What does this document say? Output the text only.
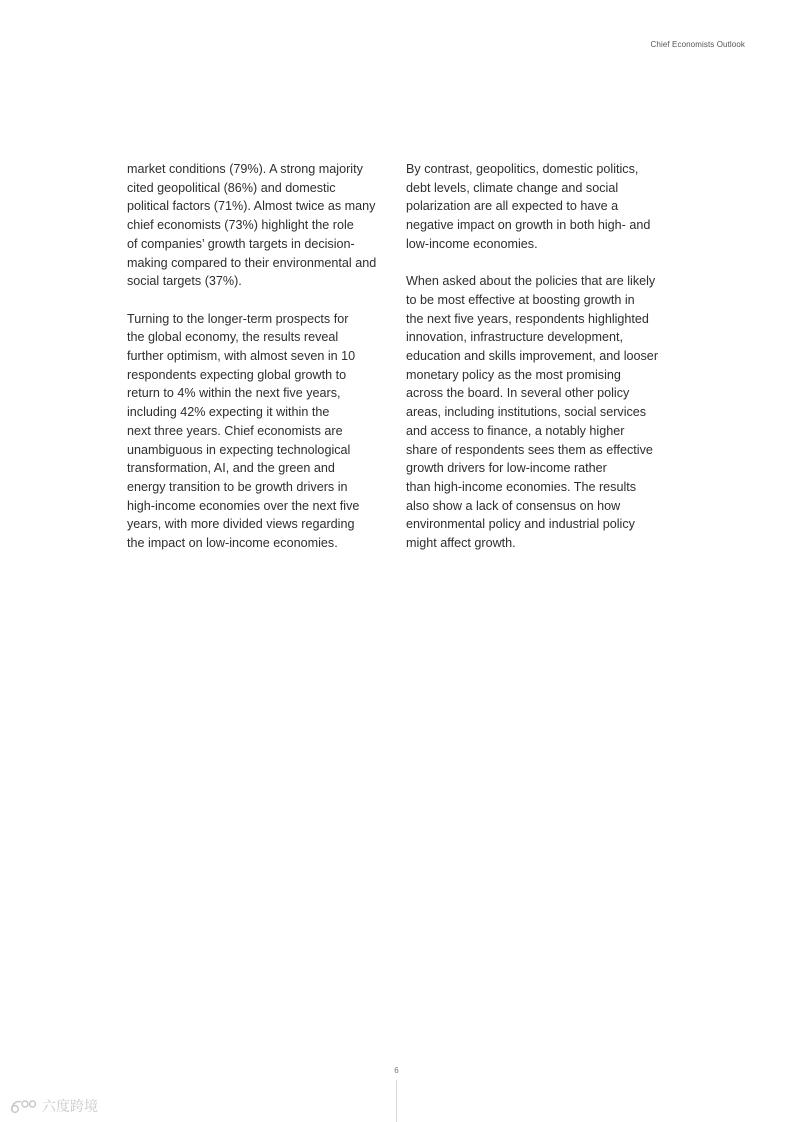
Chief Economists Outlook

market conditions (79%). A strong majority

cited geopolitical (86%) and domestic

political factors (71%). Almost twice as many

chief economists (73%) highlight the role

of companies’ growth targets in decision-

making compared to their environmental and

social targets (37%).

Turning to the longer-term prospects for

the global economy, the results reveal

further optimism, with almost seven in 10

respondents expecting global growth to

return to 4% within the next five years,

including 42% expecting it within the

next three years. Chief economists are

unambiguous in expecting technological

transformation, AI, and the green and

energy transition to be growth drivers in

high-income economies over the next five

years, with more divided views regarding

the impact on low-income economies.

By contrast, geopolitics, domestic politics,

debt levels, climate change and social

polarization are all expected to have a

negative impact on growth in both high- and

low-income economies.

When asked about the policies that are likely

to be most effective at boosting growth in

the next five years, respondents highlighted

innovation, infrastructure development,

education and skills improvement, and looser

monetary policy as the most promising

across the board. In several other policy

areas, including institutions, social services

and access to finance, a notably higher

share of respondents sees them as effective

growth drivers for low-income rather

than high-income economies. The results

also show a lack of consensus on how

environmental policy and industrial policy

might affect growth.

6
六度跨境
